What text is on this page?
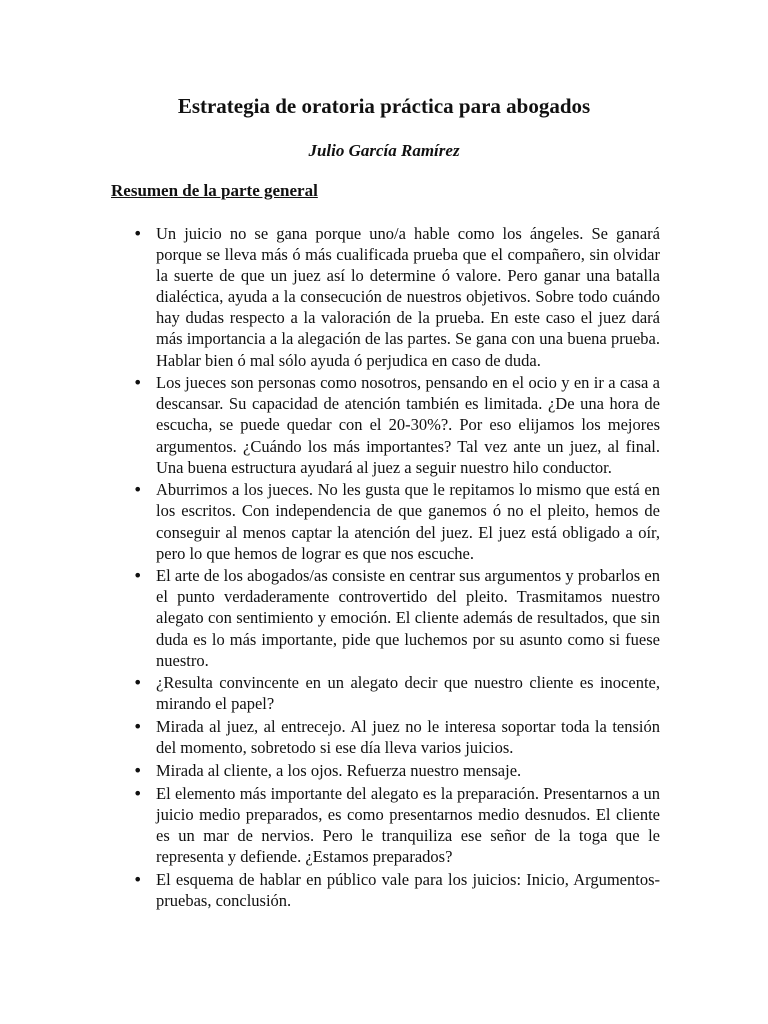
Estrategia de oratoria práctica para abogados

Julio García Ramírez

Resumen de la parte general
• Un juicio no se gana porque uno/a hable como los ángeles. Se ganará porque se lleva más ó más cualificada prueba que el compañero, sin olvidar la suerte de que un juez así lo determine ó valore. Pero ganar una batalla dialéctica, ayuda a la consecución de nuestros objetivos. Sobre todo cuándo hay dudas respecto a la valoración de la prueba. En este caso el juez dará más importancia a la alegación de las partes. Se gana con una buena prueba. Hablar bien ó mal sólo ayuda ó perjudica en caso de duda.
• Los jueces son personas como nosotros, pensando en el ocio y en ir a casa a descansar. Su capacidad de atención también es limitada. ¿De una hora de escucha, se puede quedar con el 20-30%?. Por eso elijamos los mejores argumentos. ¿Cuándo los más importantes? Tal vez ante un juez, al final. Una buena estructura ayudará al juez a seguir nuestro hilo conductor.
• Aburrimos a los jueces. No les gusta que le repitamos lo mismo que está en los escritos. Con independencia de que ganemos ó no el pleito, hemos de conseguir al menos captar la atención del juez. El juez está obligado a oír, pero lo que hemos de lograr es que nos escuche.
• El arte de los abogados/as consiste en centrar sus argumentos y probarlos en el punto verdaderamente controvertido del pleito. Trasmitamos nuestro alegato con sentimiento y emoción. El cliente además de resultados, que sin duda es lo más importante, pide que luchemos por su asunto como si fuese nuestro.
• ¿Resulta convincente en un alegato decir que nuestro cliente es inocente, mirando el papel?
• Mirada al juez, al entrecejo. Al juez no le interesa soportar toda la tensión del momento, sobretodo si ese día lleva varios juicios.
• Mirada al cliente, a los ojos. Refuerza nuestro mensaje.
• El elemento más importante del alegato es la preparación. Presentarnos a un juicio medio preparados, es como presentarnos medio desnudos. El cliente es un mar de nervios. Pero le tranquiliza ese señor de la toga que le representa y defiende. ¿Estamos preparados?
• El esquema de hablar en público vale para los juicios: Inicio, Argumentos-pruebas, conclusión.
